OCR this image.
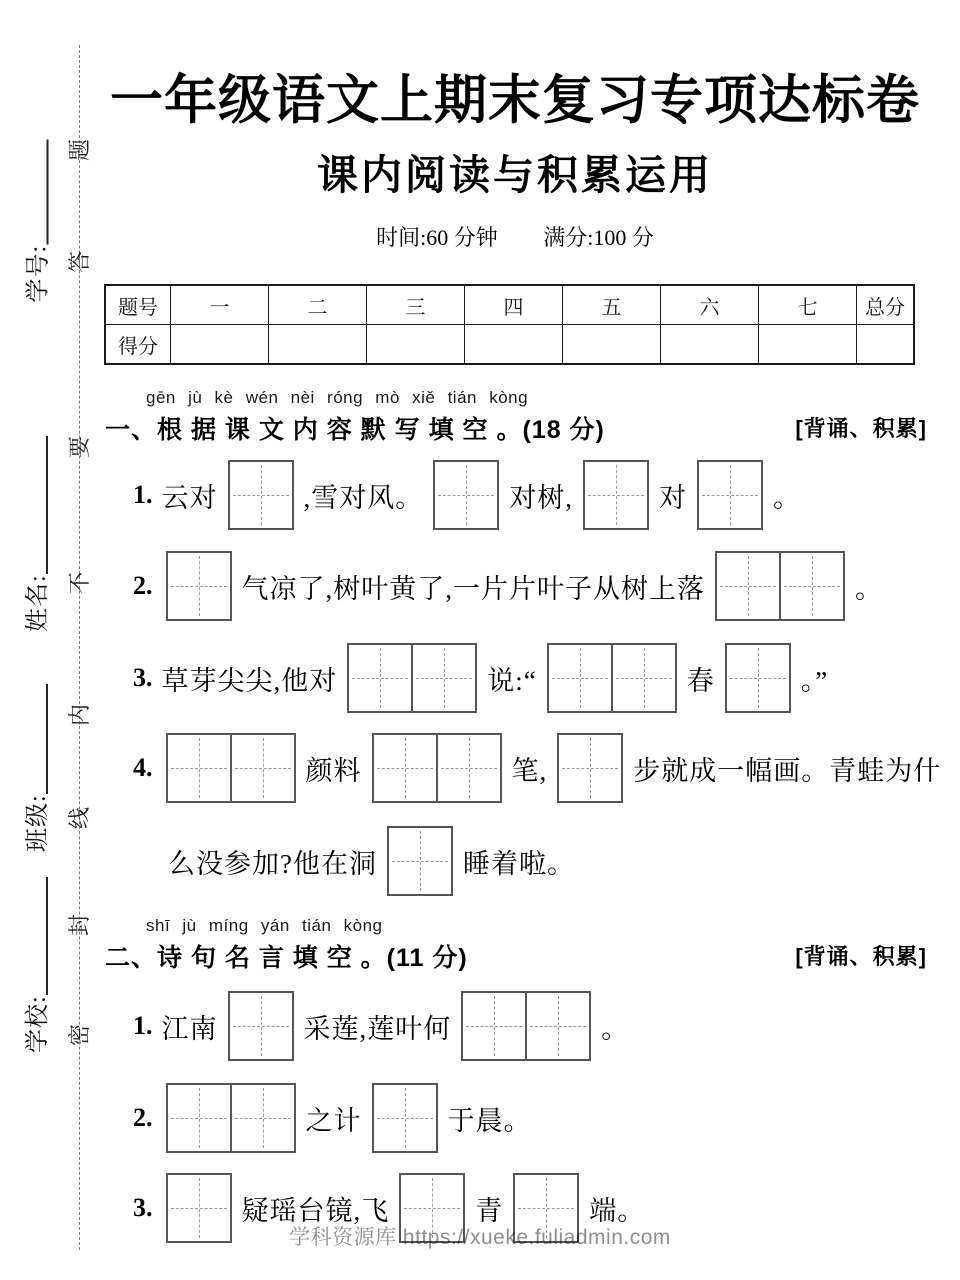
题
答
要
不
内
线
封
密
学号:
姓名:
班级:
学校:
一年级语文上期末复习专项达标卷
课内阅读与积累运用
时间:60 分钟 满分:100 分
题号	一	二	三	四	五	六	七	总分
得分								
gēn jù kè wén nèi róng mò xiě tián kòng
一、根 据 课 文 内 容 默 写 填 空 。(18 分)	[背诵、积累]
shī jù míng yán tián kòng
二、诗 句 名 言 填 空 。(11 分)	[背诵、积累]
1. 云对	,雪对风。	对树,	对	。
2.	气凉了,树叶黄了,一片片叶子从树上落	。
3. 草芽尖尖,他对	说:“	春	。”
4.	颜料	笔,	步就成一幅画。青蛙为什
么没参加?他在洞	睡着啦。
1. 江南	采莲,莲叶何	。
2.	之计	于晨。
3.	疑瑶台镜,飞	青	端。
学科资源库 https://xueke.fuliadmin.com
